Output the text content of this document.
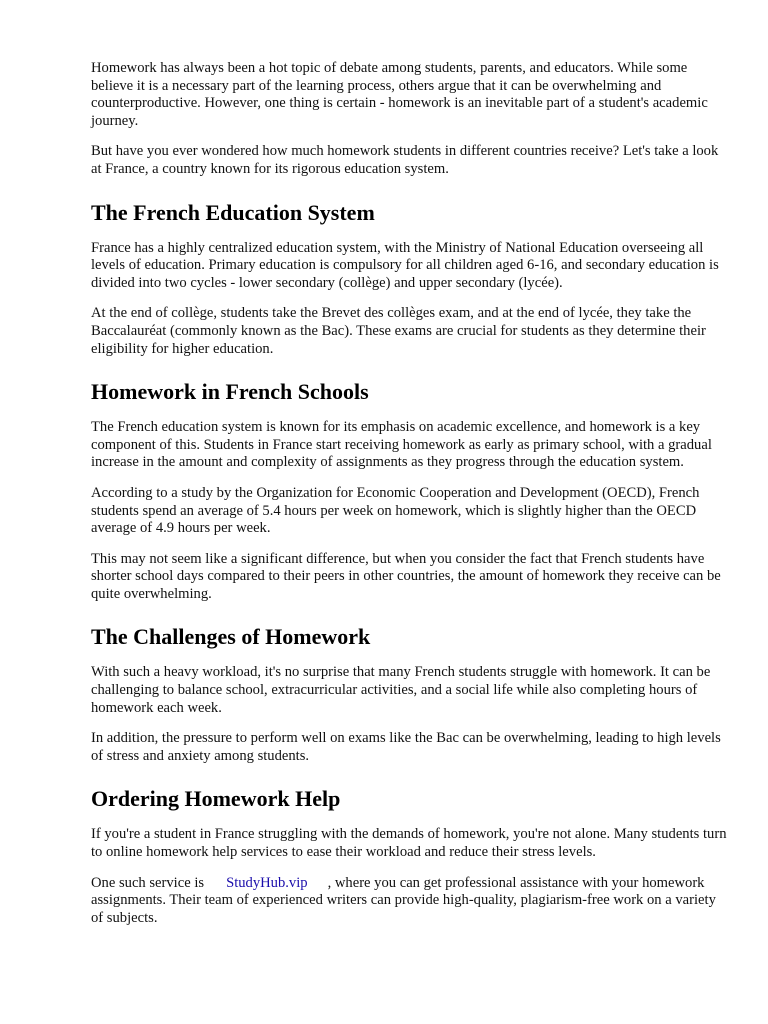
Homework has always been a hot topic of debate among students, parents, and educators. While some believe it is a necessary part of the learning process, others argue that it can be overwhelming and counterproductive. However, one thing is certain - homework is an inevitable part of a student's academic journey.

But have you ever wondered how much homework students in different countries receive? Let's take a look at France, a country known for its rigorous education system.

The French Education System

France has a highly centralized education system, with the Ministry of National Education overseeing all levels of education. Primary education is compulsory for all children aged 6-16, and secondary education is divided into two cycles - lower secondary (collège) and upper secondary (lycée).

At the end of collège, students take the Brevet des collèges exam, and at the end of lycée, they take the Baccalauréat (commonly known as the Bac). These exams are crucial for students as they determine their eligibility for higher education.

Homework in French Schools

The French education system is known for its emphasis on academic excellence, and homework is a key component of this. Students in France start receiving homework as early as primary school, with a gradual increase in the amount and complexity of assignments as they progress through the education system.

According to a study by the Organization for Economic Cooperation and Development (OECD), French students spend an average of 5.4 hours per week on homework, which is slightly higher than the OECD average of 4.9 hours per week.

This may not seem like a significant difference, but when you consider the fact that French students have shorter school days compared to their peers in other countries, the amount of homework they receive can be quite overwhelming.

The Challenges of Homework

With such a heavy workload, it's no surprise that many French students struggle with homework. It can be challenging to balance school, extracurricular activities, and a social life while also completing hours of homework each week.

In addition, the pressure to perform well on exams like the Bac can be overwhelming, leading to high levels of stress and anxiety among students.

Ordering Homework Help

If you're a student in France struggling with the demands of homework, you're not alone. Many students turn to online homework help services to ease their workload and reduce their stress levels.

One such service is StudyHub.vip , where you can get professional assistance with your homework assignments. Their team of experienced writers can provide high-quality, plagiarism-free work on a variety of subjects.
